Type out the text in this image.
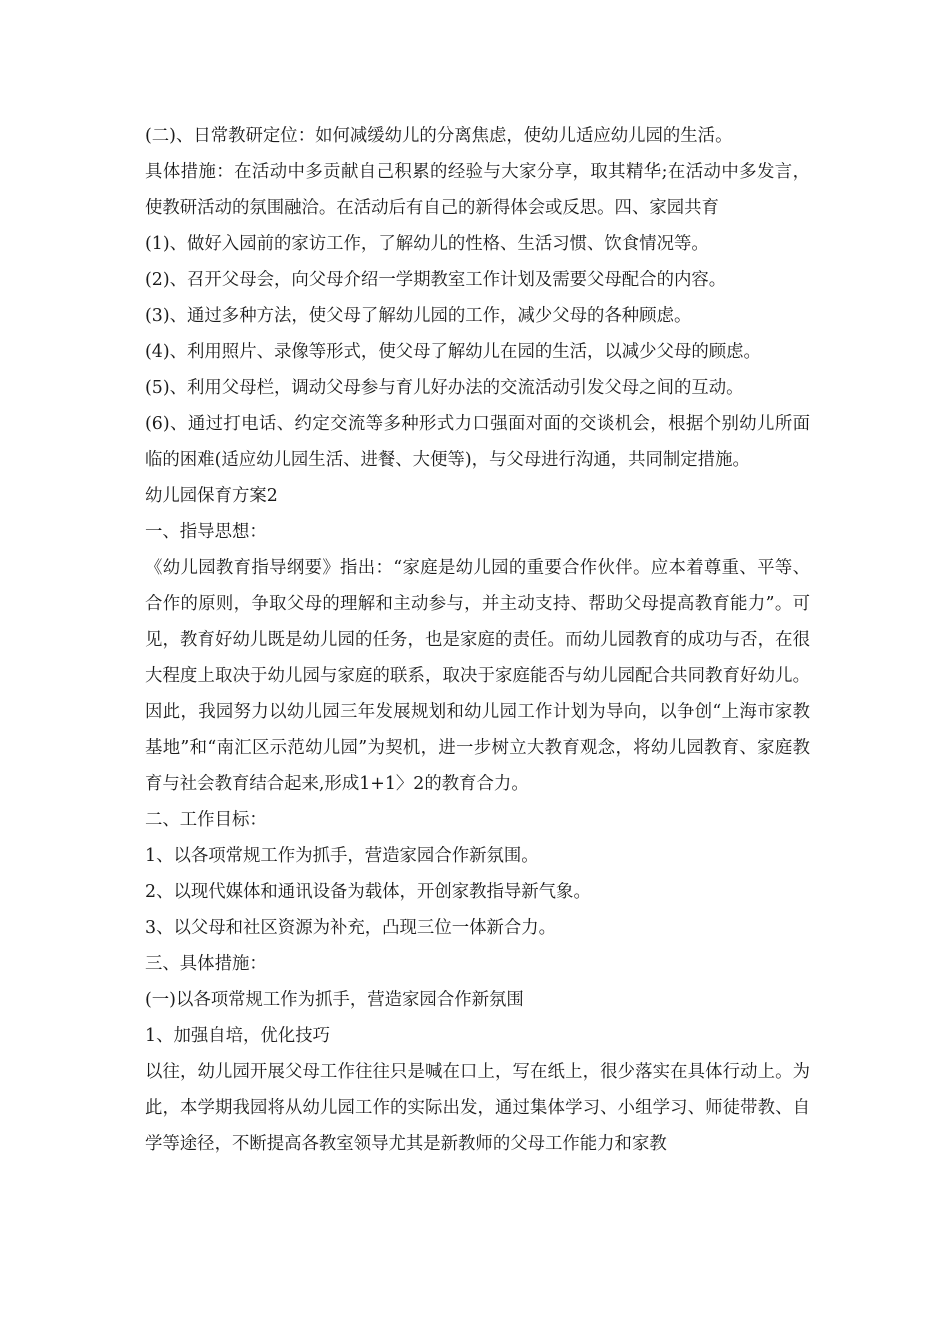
(二)、日常教研定位：如何减缓幼儿的分离焦虑，使幼儿适应幼儿园的生活。

具体措施：在活动中多贡献自己积累的经验与大家分享，取其精华;在活动中多发言，使教研活动的氛围融洽。在活动后有自己的新得体会或反思。四、家园共育

(1)、做好入园前的家访工作，了解幼儿的性格、生活习惯、饮食情况等。

(2)、召开父母会，向父母介绍一学期教室工作计划及需要父母配合的内容。

(3)、通过多种方法，使父母了解幼儿园的工作，减少父母的各种顾虑。

(4)、利用照片、录像等形式，使父母了解幼儿在园的生活，以减少父母的顾虑。

(5)、利用父母栏，调动父母参与育儿好办法的交流活动引发父母之间的互动。

(6)、通过打电话、约定交流等多种形式力口强面对面的交谈机会，根据个别幼儿所面临的困难(适应幼儿园生活、进餐、大便等)，与父母进行沟通，共同制定措施。

幼儿园保育方案2

一、指导思想：

《幼儿园教育指导纲要》指出：“家庭是幼儿园的重要合作伙伴。应本着尊重、平等、合作的原则，争取父母的理解和主动参与，并主动支持、帮助父母提高教育能力”。可见，教育好幼儿既是幼儿园的任务，也是家庭的责任。而幼儿园教育的成功与否，在很大程度上取决于幼儿园与家庭的联系，取决于家庭能否与幼儿园配合共同教育好幼儿。因此，我园努力以幼儿园三年发展规划和幼儿园工作计划为导向，以争创“上海市家教基地”和“南汇区示范幼儿园”为契机，进一步树立大教育观念，将幼儿园教育、家庭教育与社会教育结合起来,形成1+1〉2的教育合力。

二、工作目标：

1、以各项常规工作为抓手，营造家园合作新氛围。

2、以现代媒体和通讯设备为载体，开创家教指导新气象。

3、以父母和社区资源为补充，凸现三位一体新合力。

三、具体措施：

(一)以各项常规工作为抓手，营造家园合作新氛围

1、加强自培，优化技巧

以往，幼儿园开展父母工作往往只是喊在口上，写在纸上，很少落实在具体行动上。为此，本学期我园将从幼儿园工作的实际出发，通过集体学习、小组学习、师徒带教、自学等途径，不断提高各教室领导尤其是新教师的父母工作能力和家教
